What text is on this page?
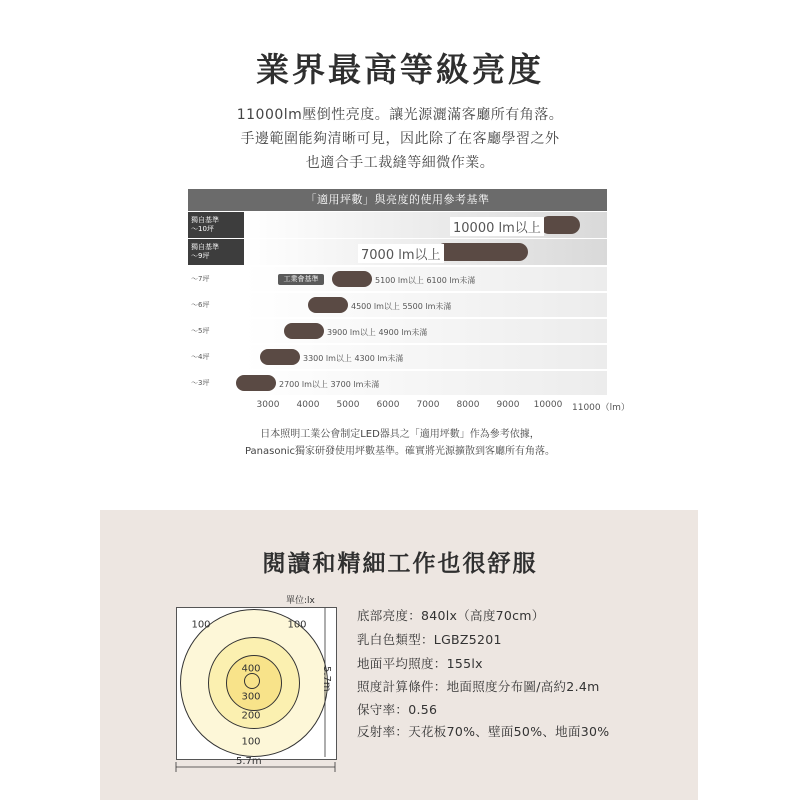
業界最高等級亮度
11000lm壓倒性亮度。讓光源灑滿客廳所有角落。
手邊範圍能夠清晰可見，因此除了在客廳學習之外
也適合手工裁縫等細微作業。
「適用坪數」與亮度的使用參考基準
獨自基準
～10坪	10000 lm以上
獨自基準
～9坪	7000 lm以上
～7坪	5100 lm以上 6100 lm未滿
～6坪	4500 lm以上 5500 lm未滿
～5坪	3900 lm以上 4900 lm未滿
～4坪	3300 lm以上 4300 lm未滿
～3坪	2700 lm以上 3700 lm未滿
3000 4000 5000 6000 7000 8000 9000 10000 11000（lm）
工業會基準
日本照明工業公會制定LED器具之「適用坪數」作為參考依據，
Panasonic獨家研發使用坪數基準。確實將光源擴散到客廳所有角落。
閱讀和精細工作也很舒服
單位:lx
100	100
400
300
200
100
5.7m
5.7m
底部亮度：840lx（高度70cm）
乳白色類型：LGBZ5201
地面平均照度：155lx
照度計算條件：地面照度分布圖/高約2.4m
保守率：0.56
反射率：天花板70%、壁面50%、地面30%
